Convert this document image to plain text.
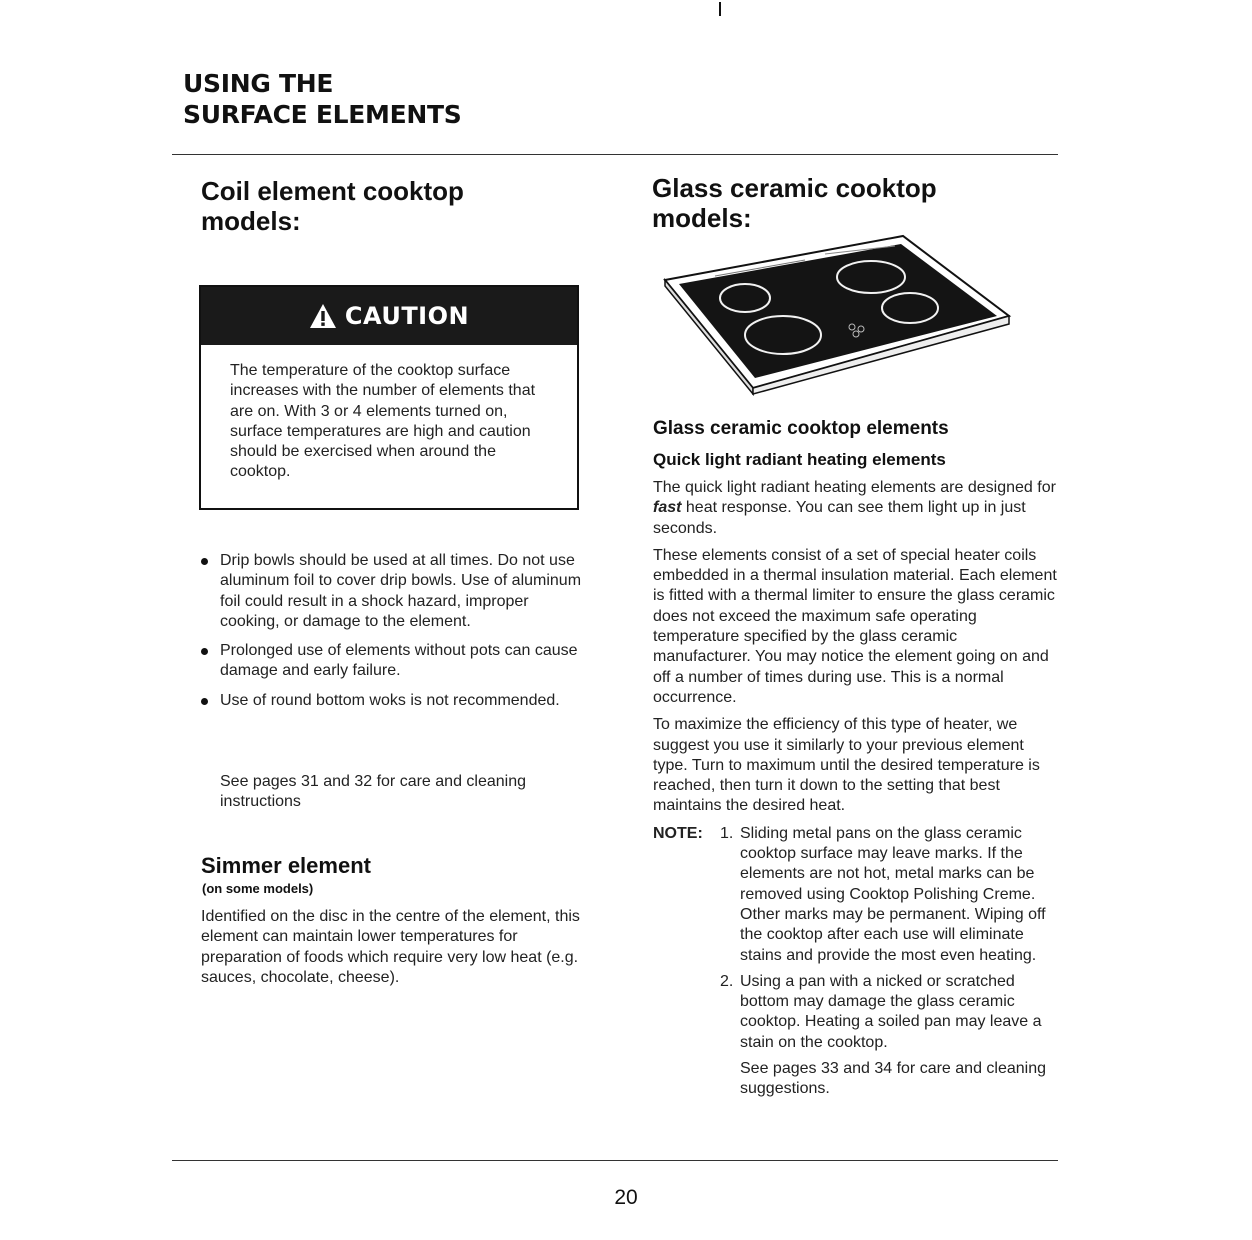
USING THE
SURFACE ELEMENTS
Coil element cooktop
models:
CAUTION

The temperature of the cooktop surface increases with the number of elements that are on. With 3 or 4 elements turned on, surface temperatures are high and caution should be exercised when around the cooktop.

Drip bowls should be used at all times. Do not use aluminum foil to cover drip bowls. Use of aluminum foil could result in a shock hazard, improper cooking, or damage to the element.
Prolonged use of elements without pots can cause damage and early failure.
Use of round bottom woks is not recommended.

See pages 31 and 32 for care and cleaning instructions

Simmer element

(on some models)

Identified on the disc in the centre of the element, this element can maintain lower temperatures for preparation of foods which require very low heat (e.g. sauces, chocolate, cheese).

Glass ceramic cooktop
models:
Glass ceramic cooktop elements
Quick light radiant heating elements

The quick light radiant heating elements are designed for fast heat response. You can see them light up in just seconds.

These elements consist of a set of special heater coils embedded in a thermal insulation material. Each element is fitted with a thermal limiter to ensure the glass ceramic does not exceed the maximum safe operating temperature specified by the glass ceramic manufacturer. You may notice the element going on and off a number of times during use. This is a normal occurrence.

To maximize the efficiency of this type of heater, we suggest you use it similarly to your previous element type. Turn to maximum until the desired temperature is reached, then turn it down to the setting that best maintains the desired heat.

NOTE:	1. Sliding metal pans on the glass ceramic cooktop surface may leave marks. If the elements are not hot, metal marks can be removed using Cooktop Polishing Creme. Other marks may be permanent. Wiping off the cooktop after each use will eliminate stains and provide the most even heating.
2. Using a pan with a nicked or scratched bottom may damage the glass ceramic cooktop. Heating a soiled pan may leave a stain on the cooktop.
See pages 33 and 34 for care and cleaning suggestions.
20
